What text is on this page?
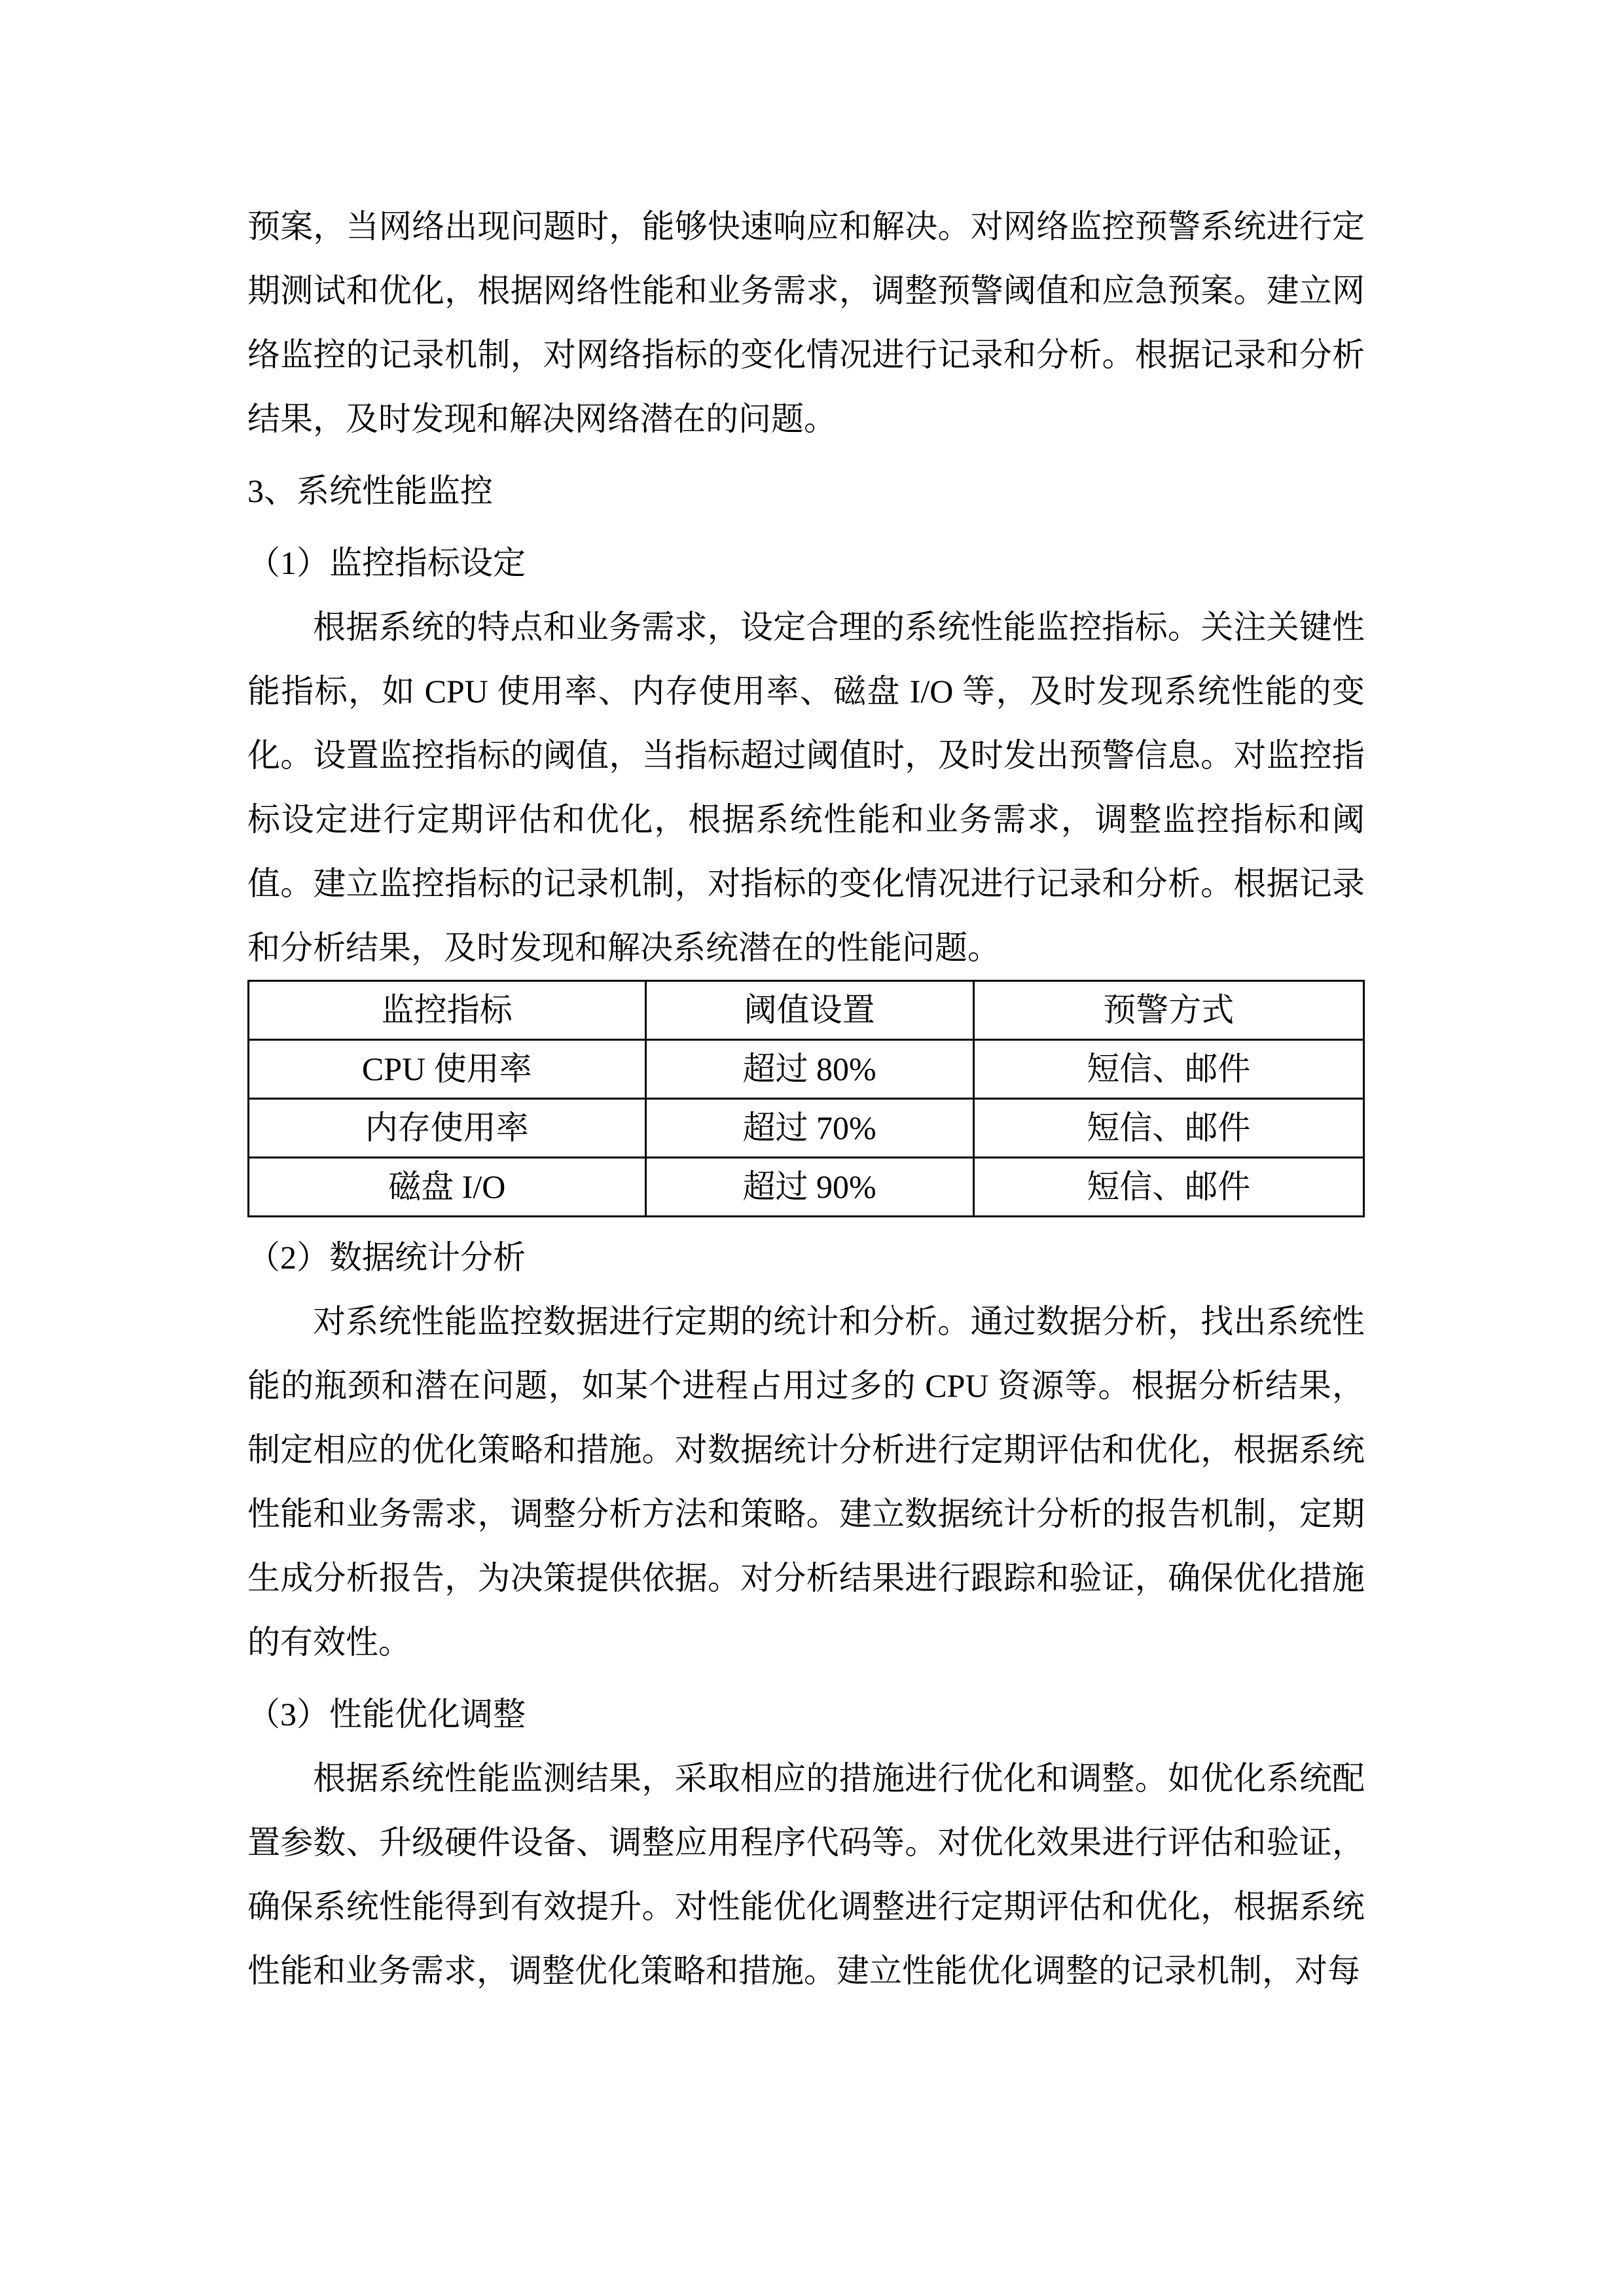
预案，当网络出现问题时，能够快速响应和解决。对网络监控预警系统进行定期测试和优化，根据网络性能和业务需求，调整预警阈值和应急预案。建立网络监控的记录机制，对网络指标的变化情况进行记录和分析。根据记录和分析结果，及时发现和解决网络潜在的问题。

3、系统性能监控

（1）监控指标设定

根据系统的特点和业务需求，设定合理的系统性能监控指标。关注关键性能指标，如 CPU 使用率、内存使用率、磁盘 I/O 等，及时发现系统性能的变化。设置监控指标的阈值，当指标超过阈值时，及时发出预警信息。对监控指标设定进行定期评估和优化，根据系统性能和业务需求，调整监控指标和阈值。建立监控指标的记录机制，对指标的变化情况进行记录和分析。根据记录和分析结果，及时发现和解决系统潜在的性能问题。

监控指标	阈值设置	预警方式
CPU 使用率	超过 80%	短信、邮件
内存使用率	超过 70%	短信、邮件
磁盘 I/O	超过 90%	短信、邮件

（2）数据统计分析

对系统性能监控数据进行定期的统计和分析。通过数据分析，找出系统性能的瓶颈和潜在问题，如某个进程占用过多的 CPU 资源等。根据分析结果，制定相应的优化策略和措施。对数据统计分析进行定期评估和优化，根据系统性能和业务需求，调整分析方法和策略。建立数据统计分析的报告机制，定期生成分析报告，为决策提供依据。对分析结果进行跟踪和验证，确保优化措施的有效性。

（3）性能优化调整

根据系统性能监测结果，采取相应的措施进行优化和调整。如优化系统配置参数、升级硬件设备、调整应用程序代码等。对优化效果进行评估和验证，确保系统性能得到有效提升。对性能优化调整进行定期评估和优化，根据系统性能和业务需求，调整优化策略和措施。建立性能优化调整的记录机制，对每
